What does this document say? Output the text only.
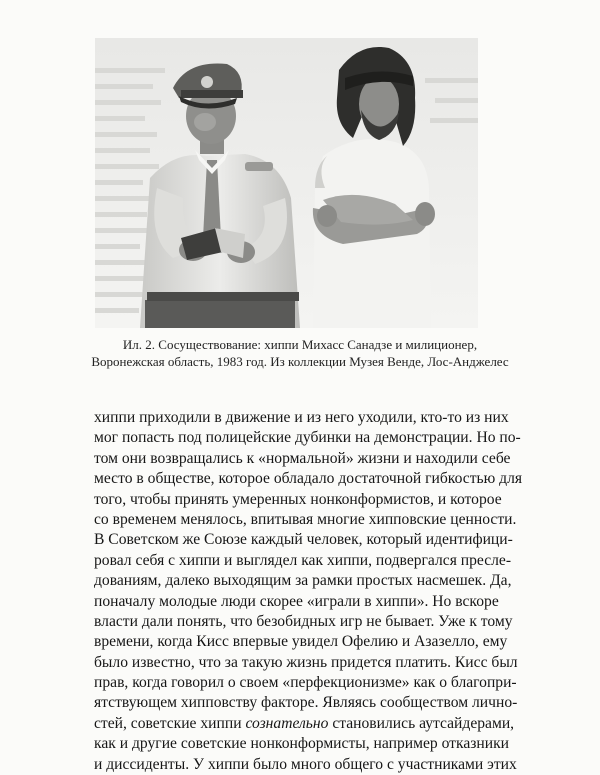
Ил. 2. Сосуществование: хиппи Михасс Санадзе и милиционер,
Воронежская область, 1983 год. Из коллекции Музея Венде, Лос-Анджелес
хиппи приходили в движение и из него уходили, кто-то из них
мог попасть под полицейские дубинки на демонстрации. Но по-
том они возвращались к «нормальной» жизни и находили себе
место в обществе, которое обладало достаточной гибкостью для
того, чтобы принять умеренных нонконформистов, и которое
со временем менялось, впитывая многие хипповские ценности.
В Советском же Союзе каждый человек, который идентифици-
ровал себя с хиппи и выглядел как хиппи, подвергался пресле-
дованиям, далеко выходящим за рамки простых насмешек. Да,
поначалу молодые люди скорее «играли в хиппи». Но вскоре
власти дали понять, что безобидных игр не бывает. Уже к тому
времени, когда Кисс впервые увидел Офелию и Азазелло, ему
было известно, что за такую жизнь придется платить. Кисс был
прав, когда говорил о своем «перфекционизме» как о благопри-
ятствующем хипповству факторе. Являясь сообществом лично-
стей, советские хиппи сознательно становились аутсайдерами,
как и другие советские нонконформисты, например отказники
и диссиденты. У хиппи было много общего с участниками этих
